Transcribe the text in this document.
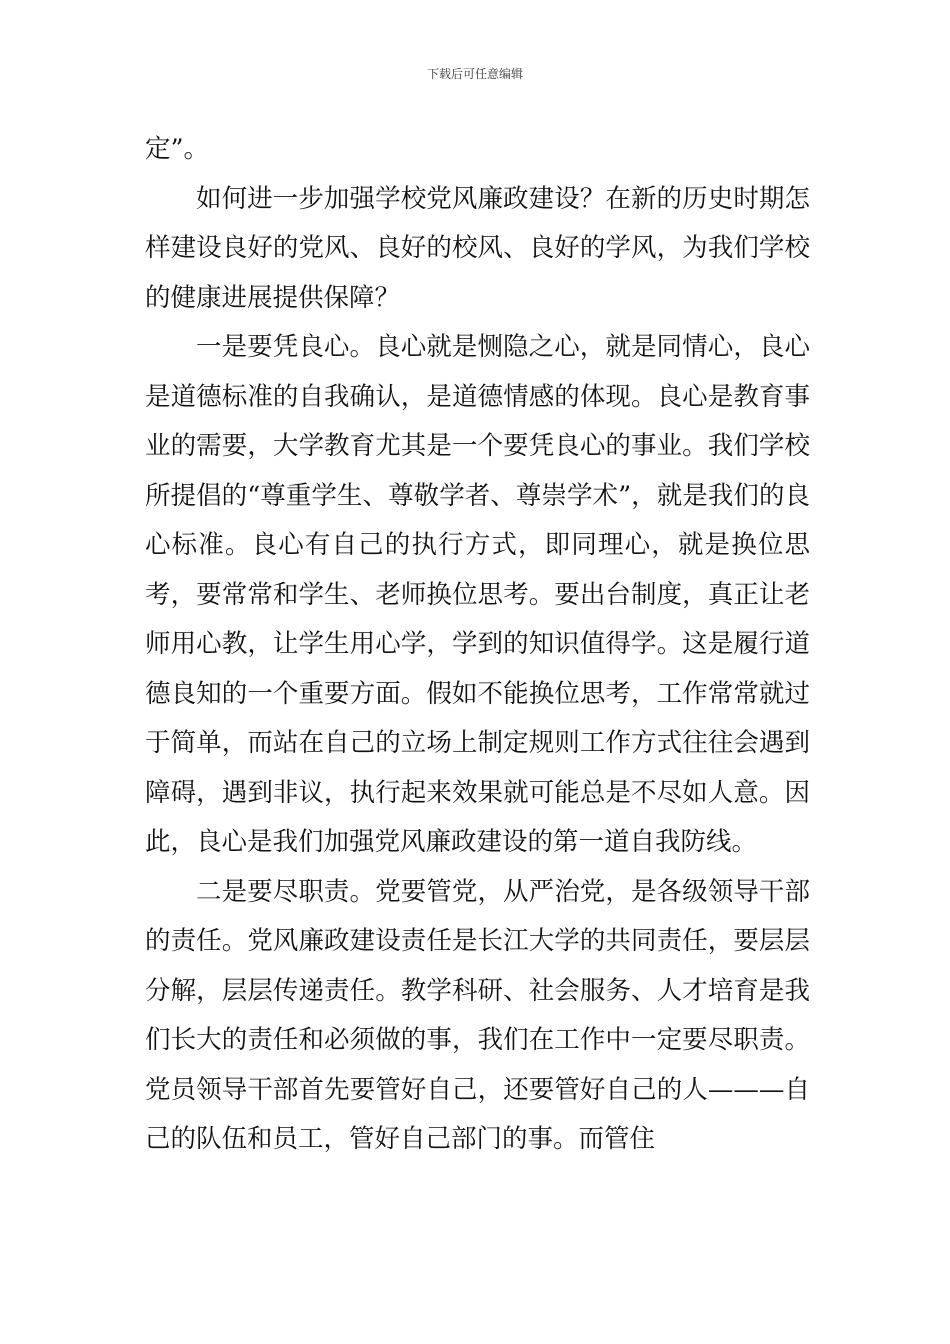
下载后可任意编辑

定”。

如何进一步加强学校党风廉政建设？在新的历史时期怎样建设良好的党风、良好的校风、良好的学风，为我们学校的健康进展提供保障？

一是要凭良心。良心就是恻隐之心，就是同情心，良心是道德标准的自我确认，是道德情感的体现。良心是教育事业的需要，大学教育尤其是一个要凭良心的事业。我们学校所提倡的“尊重学生、尊敬学者、尊崇学术”，就是我们的良心标准。良心有自己的执行方式，即同理心，就是换位思考，要常常和学生、老师换位思考。要出台制度，真正让老师用心教，让学生用心学，学到的知识值得学。这是履行道德良知的一个重要方面。假如不能换位思考，工作常常就过于简单，而站在自己的立场上制定规则工作方式往往会遇到障碍，遇到非议，执行起来效果就可能总是不尽如人意。因此，良心是我们加强党风廉政建设的第一道自我防线。

二是要尽职责。党要管党，从严治党，是各级领导干部的责任。党风廉政建设责任是长江大学的共同责任，要层层分解，层层传递责任。教学科研、社会服务、人才培育是我们长大的责任和必须做的事，我们在工作中一定要尽职责。党员领导干部首先要管好自己，还要管好自己的人———自己的队伍和员工，管好自己部门的事。而管住
